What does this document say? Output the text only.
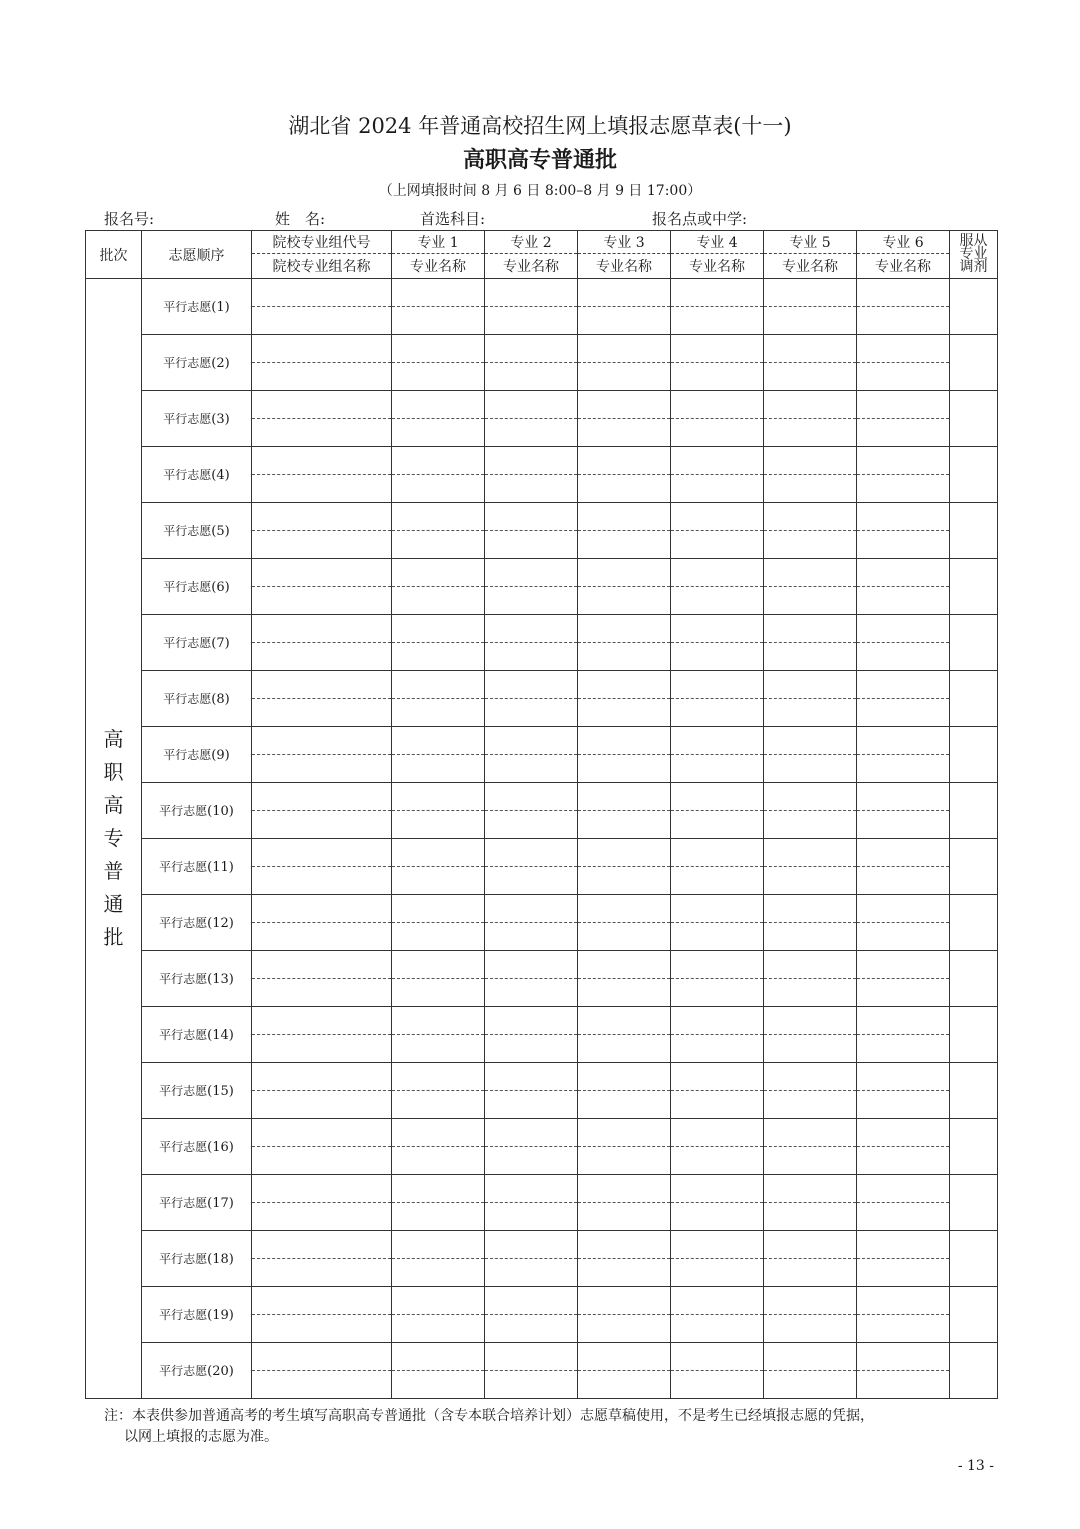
湖北省 2024 年普通高校招生网上填报志愿草表(十一)
高职高专普通批
（上网填报时间 8 月 6 日 8:00–8 月 9 日 17:00）
报名号:	姓　名:	首选科目:	报名点或中学:
批次	志愿顺序	院校专业组代号	专业 1	专业 2	专业 3	专业 4	专业 5	专业 6	服从专业调剂
		院校专业组名称	专业名称	专业名称	专业名称	专业名称	专业名称	专业名称	
高职高专普通批	平行志愿(1)								

	平行志愿(2)								

	平行志愿(3)								

	平行志愿(4)								

	平行志愿(5)								

	平行志愿(6)								

	平行志愿(7)								

	平行志愿(8)								

	平行志愿(9)								

	平行志愿(10)								

	平行志愿(11)								

	平行志愿(12)								

	平行志愿(13)								

	平行志愿(14)								

	平行志愿(15)								

	平行志愿(16)								

	平行志愿(17)								

	平行志愿(18)								

	平行志愿(19)								

	平行志愿(20)								

注：本表供参加普通高考的考生填写高职高专普通批（含专本联合培养计划）志愿草稿使用，不是考生已经填报志愿的凭据，
以网上填报的志愿为准。
- 13 -
